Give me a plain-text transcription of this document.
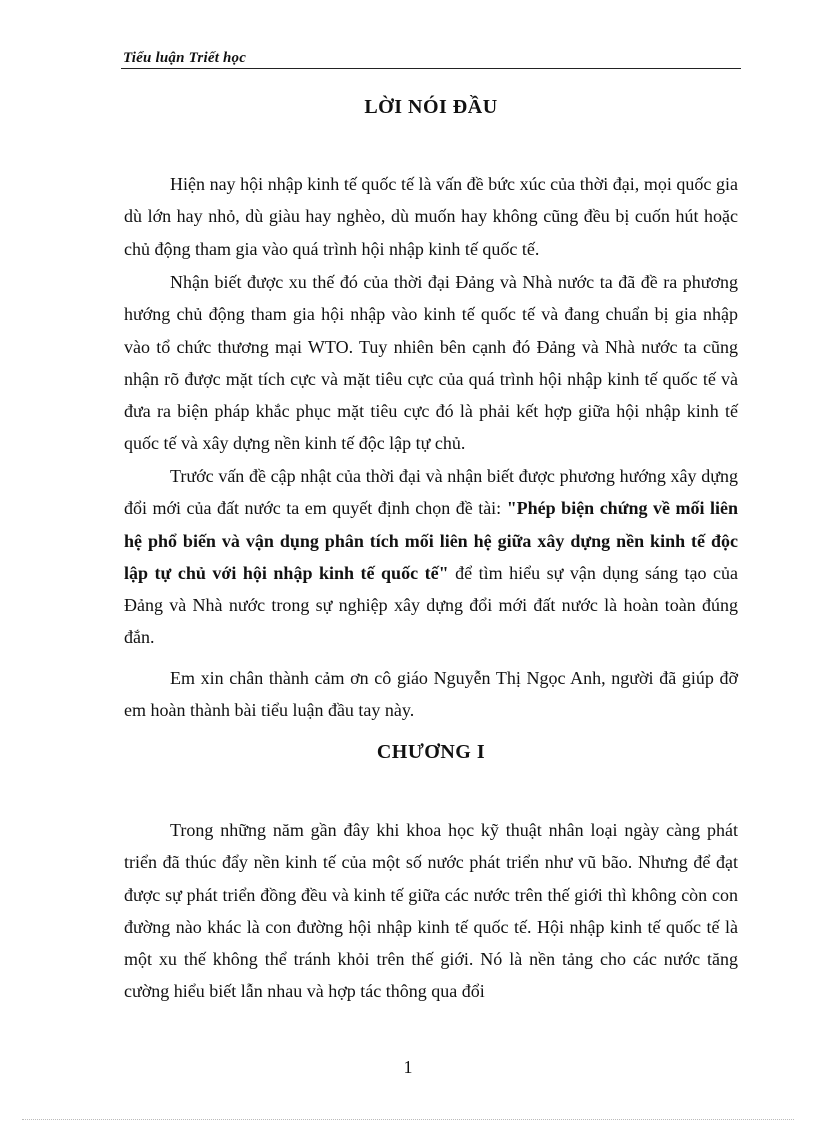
Tiểu luận Triết học
LỜI NÓI ĐẦU

Hiện nay hội nhập kinh tế quốc tế là vấn đề bức xúc của thời đại, mọi quốc gia dù lớn hay nhỏ, dù giàu hay nghèo, dù muốn hay không cũng đều bị cuốn hút hoặc chủ động tham gia vào quá trình hội nhập kinh tế quốc tế.

Nhận biết được xu thế đó của thời đại Đảng và Nhà nước ta đã đề ra phương hướng chủ động tham gia hội nhập vào kinh tế quốc tế và đang chuẩn bị gia nhập vào tổ chức thương mại WTO. Tuy nhiên bên cạnh đó Đảng và Nhà nước ta cũng nhận rõ được mặt tích cực và mặt tiêu cực của quá trình hội nhập kinh tế quốc tế và đưa ra biện pháp khắc phục mặt tiêu cực đó là phải kết hợp giữa hội nhập kinh tế quốc tế và xây dựng nền kinh tế độc lập tự chủ.

Trước vấn đề cập nhật của thời đại và nhận biết được phương hướng xây dựng đổi mới của đất nước ta em quyết định chọn đề tài: "Phép biện chứng về mối liên hệ phổ biến và vận dụng phân tích mối liên hệ giữa xây dựng nền kinh tế độc lập tự chủ với hội nhập kinh tế quốc tế" để tìm hiểu sự vận dụng sáng tạo của Đảng và Nhà nước trong sự nghiệp xây dựng đổi mới đất nước là hoàn toàn đúng đắn.

Em xin chân thành cảm ơn cô giáo Nguyễn Thị Ngọc Anh, người đã giúp đỡ em hoàn thành bài tiểu luận đầu tay này.

CHƯƠNG I

Trong những năm gần đây khi khoa học kỹ thuật nhân loại ngày càng phát triển đã thúc đẩy nền kinh tế của một số nước phát triển như vũ bão. Nhưng để đạt được sự phát triển đồng đều và kinh tế giữa các nước trên thế giới thì không còn con đường nào khác là con đường hội nhập kinh tế quốc tế. Hội nhập kinh tế quốc tế là một xu thế không thể tránh khỏi trên thế giới. Nó là nền tảng cho các nước tăng cường hiểu biết lẫn nhau và hợp tác thông qua đổi

1
